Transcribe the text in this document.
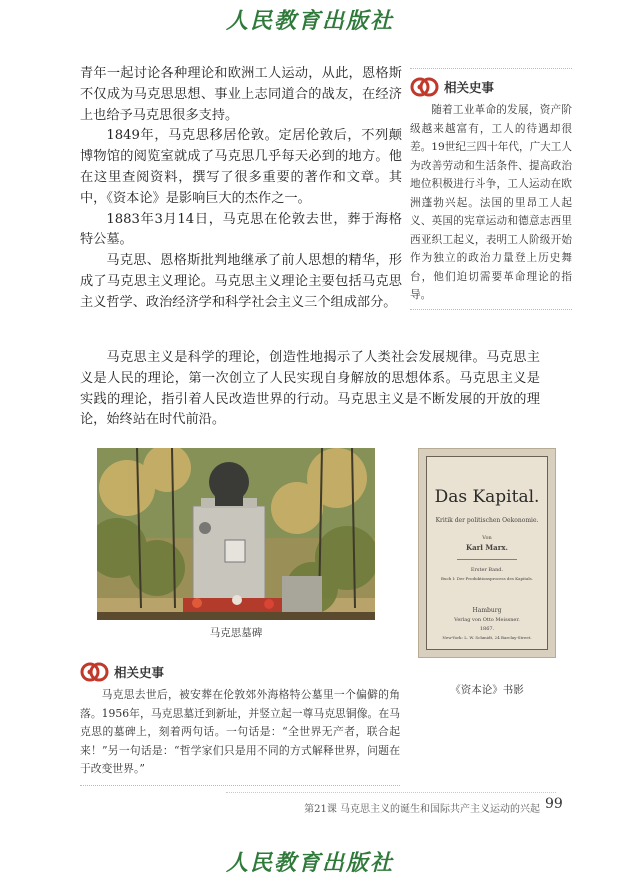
人民教育出版社

青年一起讨论各种理论和欧洲工人运动，从此，恩格斯不仅成为马克思思想、事业上志同道合的战友，在经济上也给予马克思很多支持。

1849年，马克思移居伦敦。定居伦敦后，不列颠博物馆的阅览室就成了马克思几乎每天必到的地方。他在这里查阅资料，撰写了很多重要的著作和文章。其中，《资本论》是影响巨大的杰作之一。

1883年3月14日，马克思在伦敦去世，葬于海格特公墓。

马克思、恩格斯批判地继承了前人思想的精华，形成了马克思主义理论。马克思主义理论主要包括马克思主义哲学、政治经济学和科学社会主义三个组成部分。

相关史事

随着工业革命的发展，资产阶级越来越富有，工人的待遇却很差。19世纪三四十年代，广大工人为改善劳动和生活条件、提高政治地位积极进行斗争，工人运动在欧洲蓬勃兴起。法国的里昂工人起义、英国的宪章运动和德意志西里西亚织工起义，表明工人阶级开始作为独立的政治力量登上历史舞台，他们迫切需要革命理论的指导。

马克思主义是科学的理论，创造性地揭示了人类社会发展规律。马克思主义是人民的理论，第一次创立了人民实现自身解放的思想体系。马克思主义是实践的理论，指引着人民改造世界的行动。马克思主义是不断发展的开放的理论，始终站在时代前沿。

马克思墓碑
Das Kapital.
Kritik der politischen Oekonomie.
Von
Karl Marx.
Erster Band.
Buch I: Der Produktionsprocess des Kapitals.
Hamburg
Verlag von Otto Meissner.
1867.
New-York: L. W. Schmidt, 24 Barclay-Street.
《资本论》书影
相关史事

马克思去世后，被安葬在伦敦郊外海格特公墓里一个偏僻的角落。1956年，马克思墓迁到新址，并竖立起一尊马克思铜像。在马克思的墓碑上，刻着两句话。一句话是：“全世界无产者，联合起来！”另一句话是：“哲学家们只是用不同的方式解释世界，问题在于改变世界。”

第21课 马克思主义的诞生和国际共产主义运动的兴起 99
人民教育出版社
